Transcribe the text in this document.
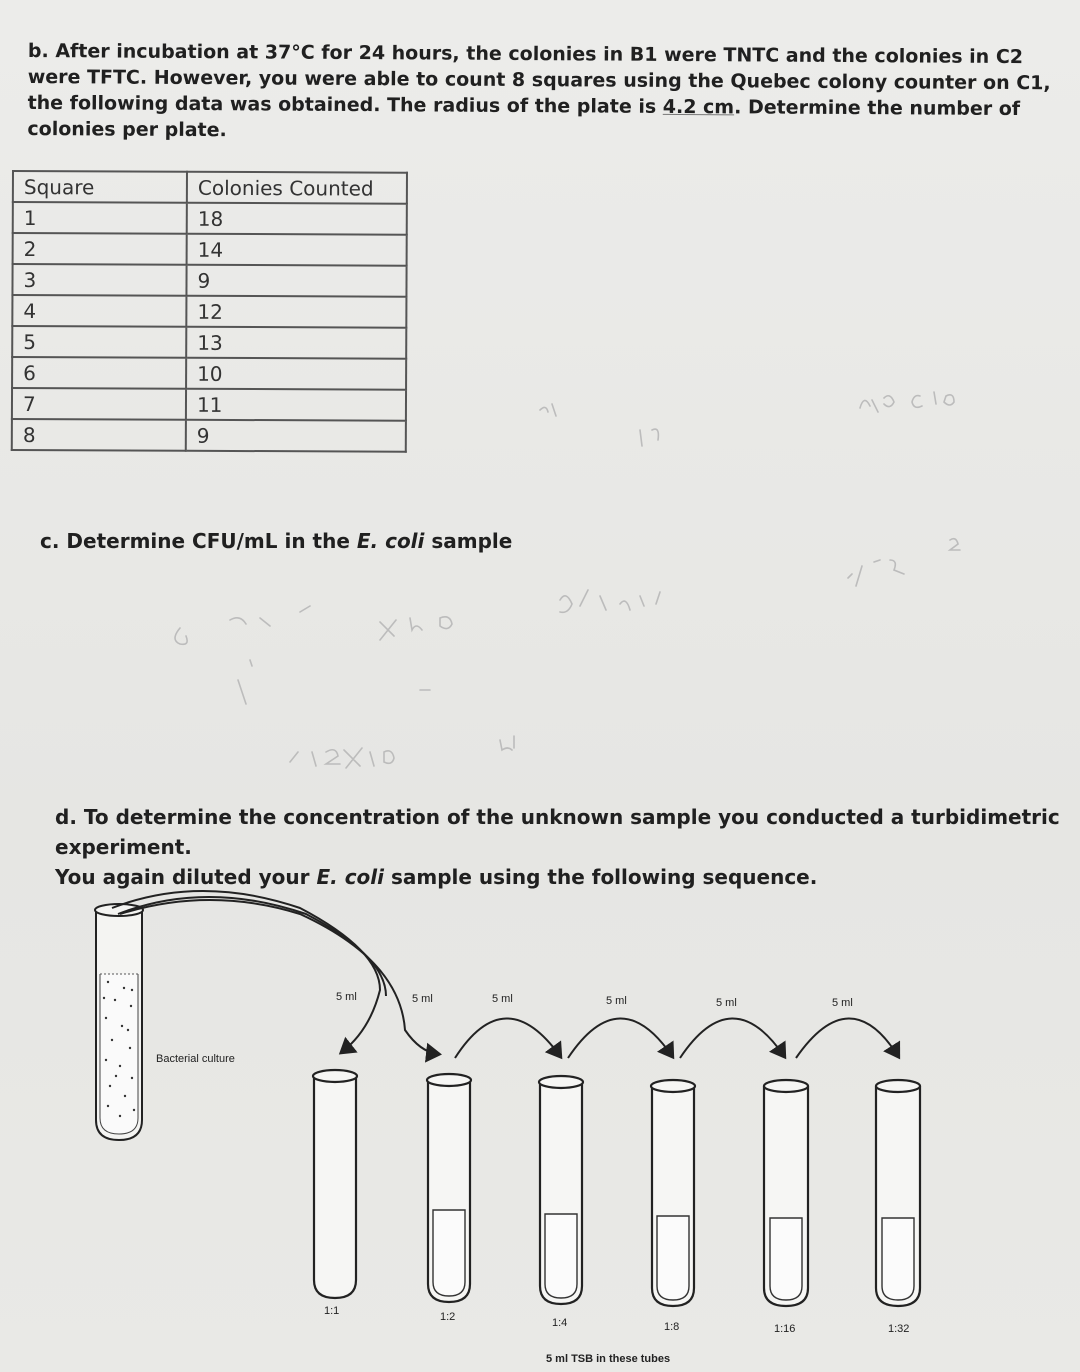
b. After incubation at 37°C for 24 hours, the colonies in B1 were TNTC and the colonies in C2 were TFTC. However, you were able to count 8 squares using the Quebec colony counter on C1, the following data was obtained. The radius of the plate is 4.2 cm. Determine the number of colonies per plate.
Square	Colonies Counted
1	18
2	14
3	9
4	12
5	13
6	10
7	11
8	9
c. Determine CFU/mL in the E. coli sample
d. To determine the concentration of the unknown sample you conducted a turbidimetric experiment.
You again diluted your E. coli sample using the following sequence.
Bacterial culture
5 ml	5 ml	5 ml	5 ml	5 ml	5 ml
1:1	1:2	1:4	1:8	1:16	1:32
5 ml TSB in these tubes
